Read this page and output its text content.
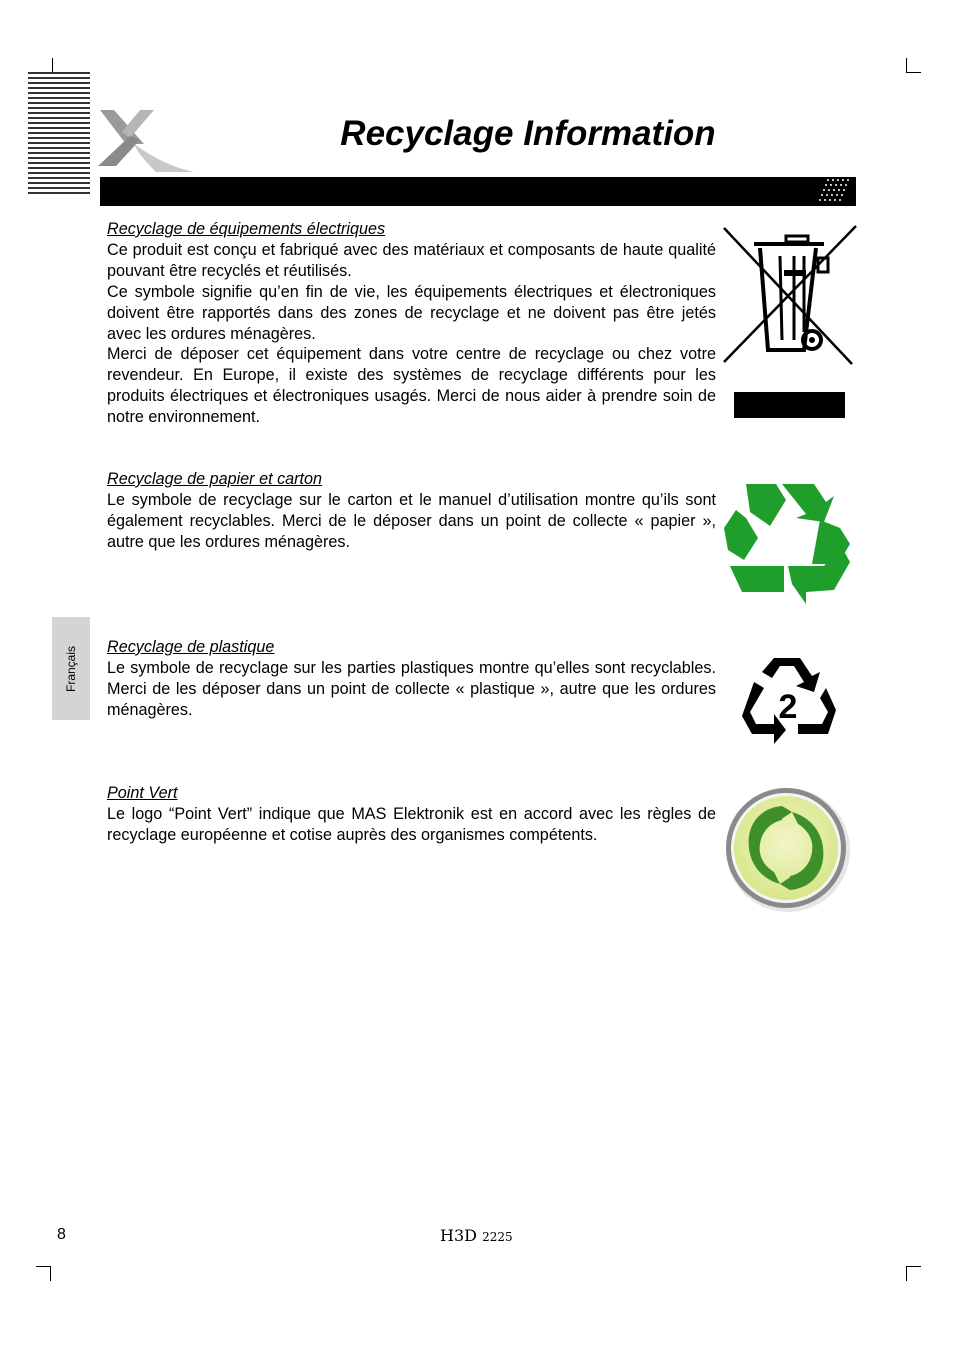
Recyclage Information
Français
Recyclage de équipements électriques

Ce produit est conçu et fabriqué avec des matériaux et composants de haute qualité pouvant être recyclés et réutilisés.

Ce symbole signifie qu’en fin de vie, les équipements électriques et électroniques doivent être rapportés dans des zones de recyclage et ne doivent pas être jetés avec les ordures ménagères.

Merci de déposer cet équipement dans votre centre de recyclage ou chez votre revendeur. En Europe, il existe des systèmes de recyclage différents pour les produits électriques et électroniques usagés. Merci de nous aider à prendre soin de notre environnement.

Recyclage de papier et carton

Le symbole de recyclage sur le carton et le manuel d’utilisation montre qu’ils sont également recyclables. Merci de le déposer dans un point de collecte « papier », autre que les ordures ménagères.

Recyclage de plastique

Le symbole de recyclage sur les parties plastiques montre qu’elles sont recyclables. Merci de les déposer dans un point de collecte « plastique », autre que les ordures ménagères.

Point Vert

Le logo “Point Vert” indique que MAS Elektronik est en accord avec les règles de recyclage européenne et cotise auprès des organismes compétents.

2
8	H3D 2225
